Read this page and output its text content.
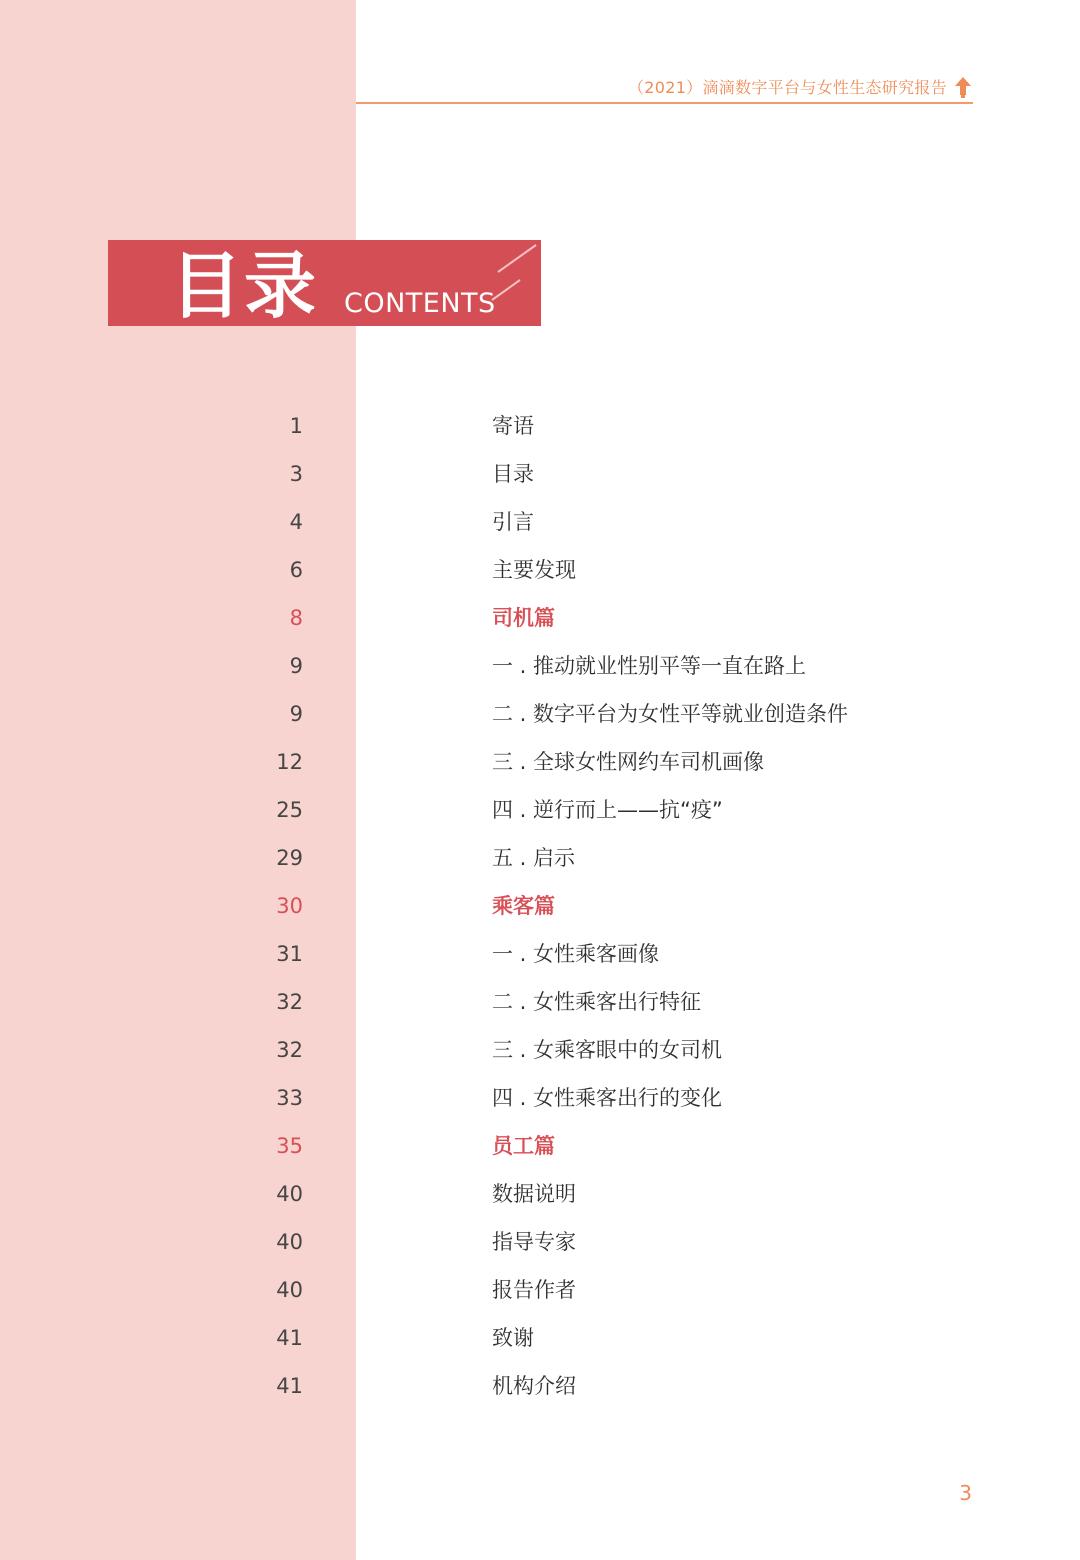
（2021）滴滴数字平台与女性生态研究报告
目录 CONTENTS
1	寄语
3	目录
4	引言
6	主要发现
8	司机篇
9	一 . 推动就业性别平等一直在路上
9	二 . 数字平台为女性平等就业创造条件
12	三 . 全球女性网约车司机画像
25	四 . 逆行而上——抗“疫”
29	五 . 启示
30	乘客篇
31	一 . 女性乘客画像
32	二 . 女性乘客出行特征
32	三 . 女乘客眼中的女司机
33	四 . 女性乘客出行的变化
35	员工篇
40	数据说明
40	指导专家
40	报告作者
41	致谢
41	机构介绍
3
